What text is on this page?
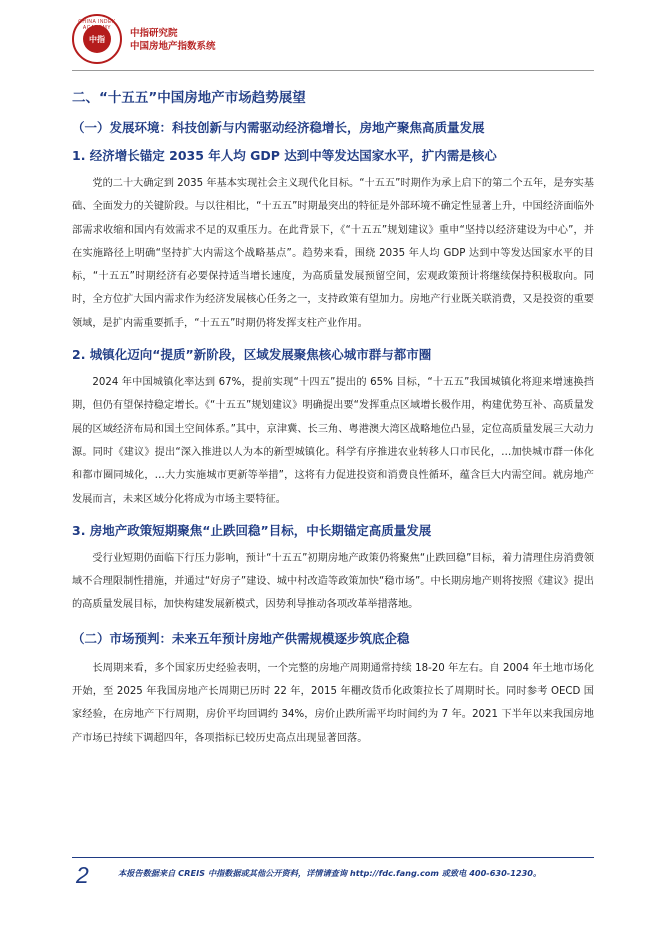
CHINA INDEX ACADEMY
中指	中指研究院
中国房地产指数系统
二、“十五五”中国房地产市场趋势展望
（一）发展环境：科技创新与内需驱动经济稳增长，房地产聚焦高质量发展
1. 经济增长锚定 2035 年人均 GDP 达到中等发达国家水平，扩内需是核心
党的二十大确定到 2035 年基本实现社会主义现代化目标。“十五五”时期作为承上启下的第二个五年，是夯实基础、全面发力的关键阶段。与以往相比，“十五五”时期最突出的特征是外部环境不确定性显著上升，中国经济面临外部需求收缩和国内有效需求不足的双重压力。在此背景下，《“十五五”规划建议》重申“坚持以经济建设为中心”，并在实施路径上明确“坚持扩大内需这个战略基点”。趋势来看，围绕 2035 年人均 GDP 达到中等发达国家水平的目标，“十五五”时期经济有必要保持适当增长速度，为高质量发展预留空间，宏观政策预计将继续保持积极取向。同时，全方位扩大国内需求作为经济发展核心任务之一，支持政策有望加力。房地产行业既关联消费，又是投资的重要领域，是扩内需重要抓手，“十五五”时期仍将发挥支柱产业作用。
2. 城镇化迈向“提质”新阶段，区域发展聚焦核心城市群与都市圈
2024 年中国城镇化率达到 67%，提前实现“十四五”提出的 65% 目标，“十五五”我国城镇化将迎来增速换挡期，但仍有望保持稳定增长。《“十五五”规划建议》明确提出要“发挥重点区域增长极作用，构建优势互补、高质量发展的区域经济布局和国土空间体系。”其中，京津冀、长三角、粤港澳大湾区战略地位凸显，定位高质量发展三大动力源。同时《建议》提出“深入推进以人为本的新型城镇化。科学有序推进农业转移人口市民化，…加快城市群一体化和都市圈同城化，…大力实施城市更新等举措”，这将有力促进投资和消费良性循环，蕴含巨大内需空间。就房地产发展而言，未来区域分化将成为市场主要特征。
3. 房地产政策短期聚焦“止跌回稳”目标，中长期锚定高质量发展
受行业短期仍面临下行压力影响，预计“十五五”初期房地产政策仍将聚焦“止跌回稳”目标，着力清理住房消费领域不合理限制性措施，并通过“好房子”建设、城中村改造等政策加快“稳市场”。中长期房地产则将按照《建议》提出的高质量发展目标，加快构建发展新模式，因势利导推动各项改革举措落地。
（二）市场预判：未来五年预计房地产供需规模逐步筑底企稳
长周期来看，多个国家历史经验表明，一个完整的房地产周期通常持续 18-20 年左右。自 2004 年土地市场化开始，至 2025 年我国房地产长周期已历时 22 年，2015 年棚改货币化政策拉长了周期时长。同时参考 OECD 国家经验，在房地产下行周期，房价平均回调约 34%，房价止跌所需平均时间约为 7 年。2021 下半年以来我国房地产市场已持续下调超四年，各项指标已较历史高点出现显著回落。
2	本报告数据来自 CREIS 中指数据或其他公开资料，详情请查询 http://fdc.fang.com 或致电 400-630-1230。
